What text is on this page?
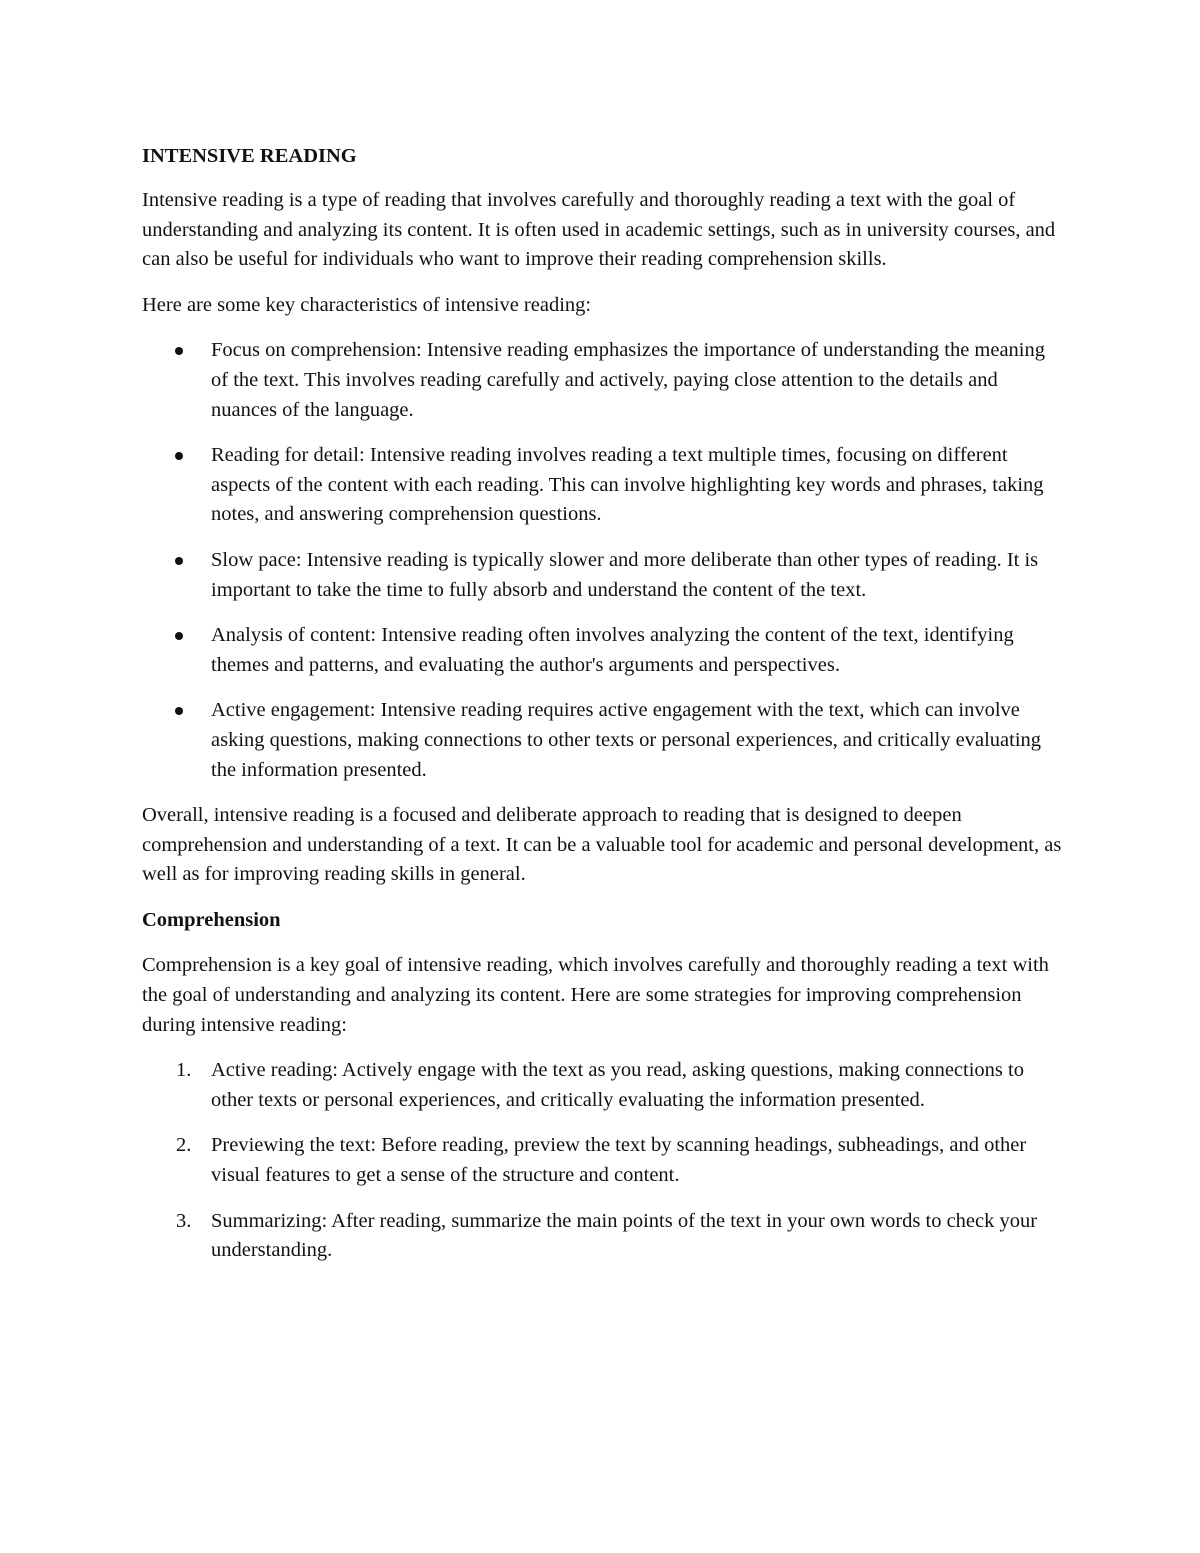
INTENSIVE READING

Intensive reading is a type of reading that involves carefully and thoroughly reading a text with the goal of understanding and analyzing its content. It is often used in academic settings, such as in university courses, and can also be useful for individuals who want to improve their reading comprehension skills.

Here are some key characteristics of intensive reading:

Focus on comprehension: Intensive reading emphasizes the importance of understanding the meaning of the text. This involves reading carefully and actively, paying close attention to the details and nuances of the language.
Reading for detail: Intensive reading involves reading a text multiple times, focusing on different aspects of the content with each reading. This can involve highlighting key words and phrases, taking notes, and answering comprehension questions.
Slow pace: Intensive reading is typically slower and more deliberate than other types of reading. It is important to take the time to fully absorb and understand the content of the text.
Analysis of content: Intensive reading often involves analyzing the content of the text, identifying themes and patterns, and evaluating the author's arguments and perspectives.
Active engagement: Intensive reading requires active engagement with the text, which can involve asking questions, making connections to other texts or personal experiences, and critically evaluating the information presented.

Overall, intensive reading is a focused and deliberate approach to reading that is designed to deepen comprehension and understanding of a text. It can be a valuable tool for academic and personal development, as well as for improving reading skills in general.

Comprehension

Comprehension is a key goal of intensive reading, which involves carefully and thoroughly reading a text with the goal of understanding and analyzing its content. Here are some strategies for improving comprehension during intensive reading:

1. Active reading: Actively engage with the text as you read, asking questions, making connections to other texts or personal experiences, and critically evaluating the information presented.
2. Previewing the text: Before reading, preview the text by scanning headings, subheadings, and other visual features to get a sense of the structure and content.
3. Summarizing: After reading, summarize the main points of the text in your own words to check your understanding.
